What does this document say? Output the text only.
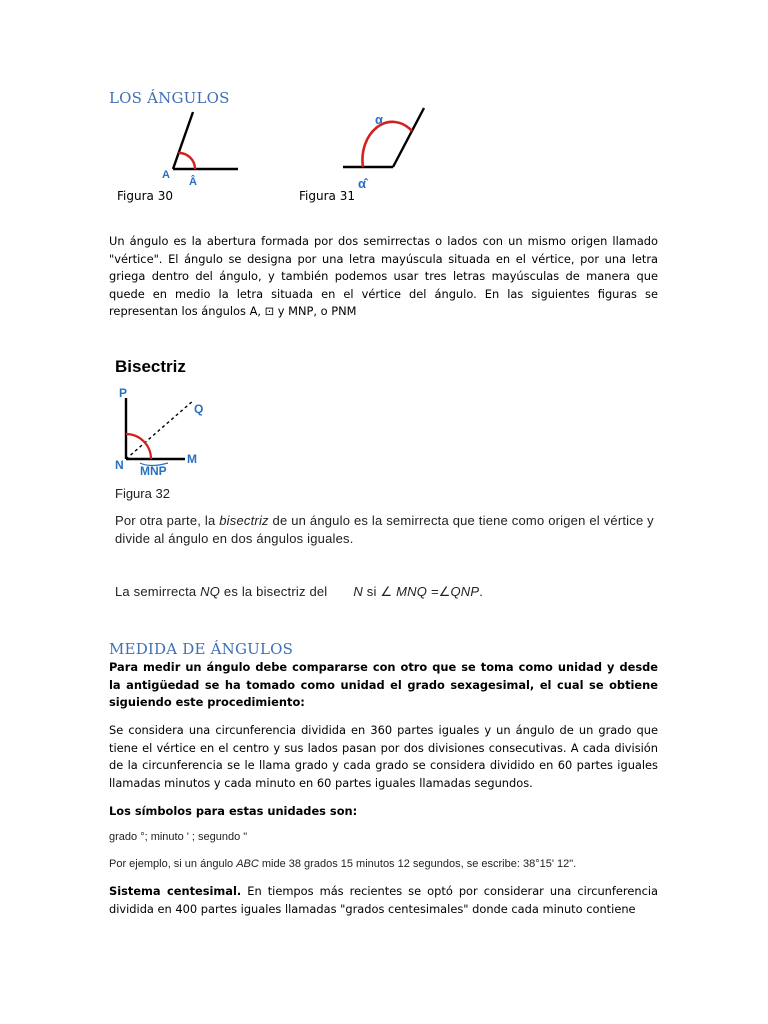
LOS ÁNGULOS
A
Â
Figura 30
α
α̂
Figura 31
Un ángulo es la abertura formada por dos semirrectas o lados con un mismo origen llamado "vértice". El ángulo se designa por una letra mayúscula situada en el vértice, por una letra griega dentro del ángulo, y también podemos usar tres letras mayúsculas de manera que quede en medio la letra situada en el vértice del ángulo. En las siguientes figuras se representan los ángulos A, ⊡ y MNP, o PNM
Bisectriz
P
Q
N	M
MNP
Figura 32
Por otra parte, la bisectriz de un ángulo es la semirrecta que tiene como origen el vértice y divide al ángulo en dos ángulos iguales.
La semirrecta NQ es la bisectriz del N si ∠ MNQ =∠QNP.
MEDIDA DE ÁNGULOS
Para medir un ángulo debe compararse con otro que se toma como unidad y desde la antigüedad se ha tomado como unidad el grado sexagesimal, el cual se obtiene siguiendo este procedimiento:
Se considera una circunferencia dividida en 360 partes iguales y un ángulo de un grado que tiene el vértice en el centro y sus lados pasan por dos divisiones consecutivas. A cada división de la circunferencia se le llama grado y cada grado se considera dividido en 60 partes iguales llamadas minutos y cada minuto en 60 partes iguales llamadas segundos.
Los símbolos para estas unidades son:
grado °; minuto ' ; segundo "
Por ejemplo, si un ángulo ABC mide 38 grados 15 minutos 12 segundos, se escribe: 38°15' 12".
Sistema centesimal. En tiempos más recientes se optó por considerar una circunferencia dividida en 400 partes iguales llamadas "grados centesimales" donde cada minuto contiene
